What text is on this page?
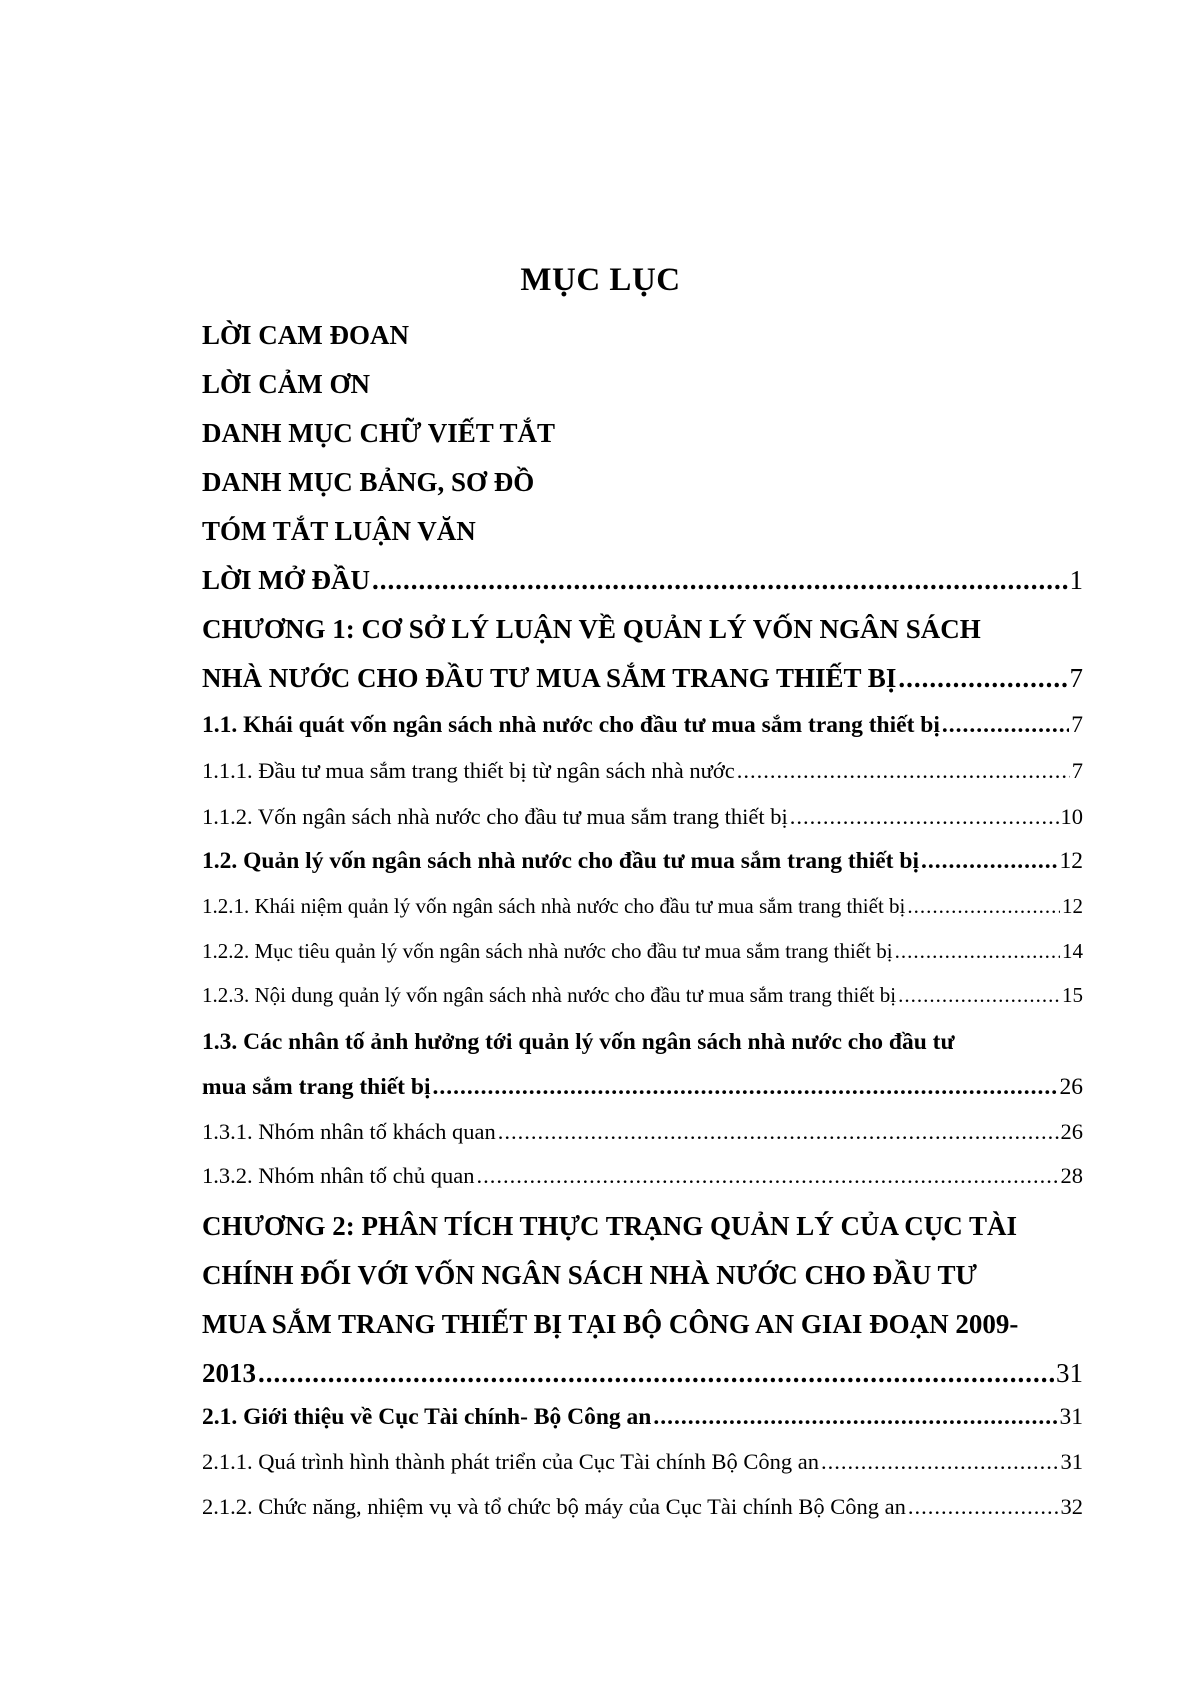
MỤC LỤC
LỜI CAM ĐOAN
LỜI CẢM ƠN
DANH MỤC CHỮ VIẾT TẮT
DANH MỤC BẢNG, SƠ ĐỒ
TÓM TẮT LUẬN VĂN
LỜI MỞ ĐẦU .....	1
CHƯƠNG 1: CƠ SỞ LÝ LUẬN VỀ QUẢN LÝ VỐN NGÂN SÁCH
NHÀ NƯỚC CHO ĐẦU TƯ MUA SẮM TRANG THIẾT BỊ .....	7
1.1. Khái quát vốn ngân sách nhà nước cho đầu tư mua sắm trang thiết bị .....	7
1.1.1. Đầu tư mua sắm trang thiết bị từ ngân sách nhà nước .....	7
1.1.2. Vốn ngân sách nhà nước cho đầu tư mua sắm trang thiết bị .....	10
1.2. Quản lý vốn ngân sách nhà nước cho đầu tư mua sắm trang thiết bị .....	12
1.2.1. Khái niệm quản lý vốn ngân sách nhà nước cho đầu tư mua sắm trang thiết bị .....	12
1.2.2. Mục tiêu quản lý vốn ngân sách nhà nước cho đầu tư mua sắm trang thiết bị .....	14
1.2.3. Nội dung quản lý vốn ngân sách nhà nước cho đầu tư mua sắm trang thiết bị .....	15
1.3. Các nhân tố ảnh hưởng tới quản lý vốn ngân sách nhà nước cho đầu tư
mua sắm trang thiết bị .....	26
1.3.1. Nhóm nhân tố khách quan .....	26
1.3.2. Nhóm nhân tố chủ quan .....	28
CHƯƠNG 2: PHÂN TÍCH THỰC TRẠNG QUẢN LÝ CỦA CỤC TÀI
CHÍNH ĐỐI VỚI VỐN NGÂN SÁCH NHÀ NƯỚC CHO ĐẦU TƯ
MUA SẮM TRANG THIẾT BỊ TẠI BỘ CÔNG AN GIAI ĐOẠN 2009-
2013 .....	31
2.1. Giới thiệu về Cục Tài chính- Bộ Công an .....	31
2.1.1. Quá trình hình thành phát triển của Cục Tài chính Bộ Công an .....	31
2.1.2. Chức năng, nhiệm vụ và tổ chức bộ máy của Cục Tài chính Bộ Công an .....	32
